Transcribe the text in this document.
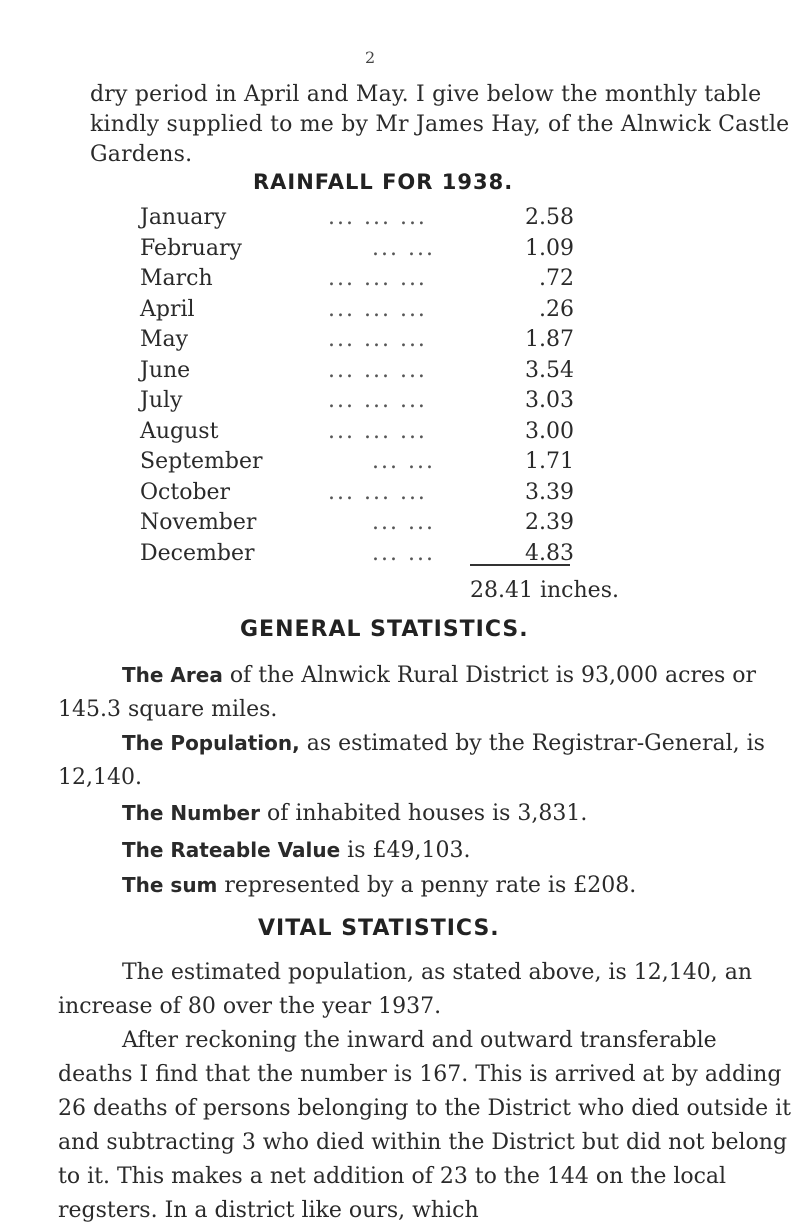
2

dry period in April and May. I give below the monthly table kindly supplied to me by Mr James Hay, of the Alnwick Castle Gardens.

RAINFALL FOR 1938.
January	... ... ...	2.58
February	... ...	1.09
March	... ... ...	.72
April	... ... ...	.26
May	... ... ...	1.87
June	... ... ...	3.54
July	... ... ...	3.03
August	... ... ...	3.00
September	... ...	1.71
October	... ... ...	3.39
November	... ...	2.39
December	... ...	4.83
28.41 inches.
GENERAL STATISTICS.

The Area of the Alnwick Rural District is 93,000 acres or 145.3 square miles.

The Population, as estimated by the Registrar-General, is 12,140.

The Number of inhabited houses is 3,831.

The Rateable Value is £49,103.

The sum represented by a penny rate is £208.

VITAL STATISTICS.

The estimated population, as stated above, is 12,140, an increase of 80 over the year 1937.

After reckoning the inward and outward transferable deaths I find that the number is 167. This is arrived at by adding 26 deaths of persons belonging to the District who died outside it and subtracting 3 who died within the District but did not belong to it. This makes a net addition of 23 to the 144 on the local regsters. In a district like ours, which
